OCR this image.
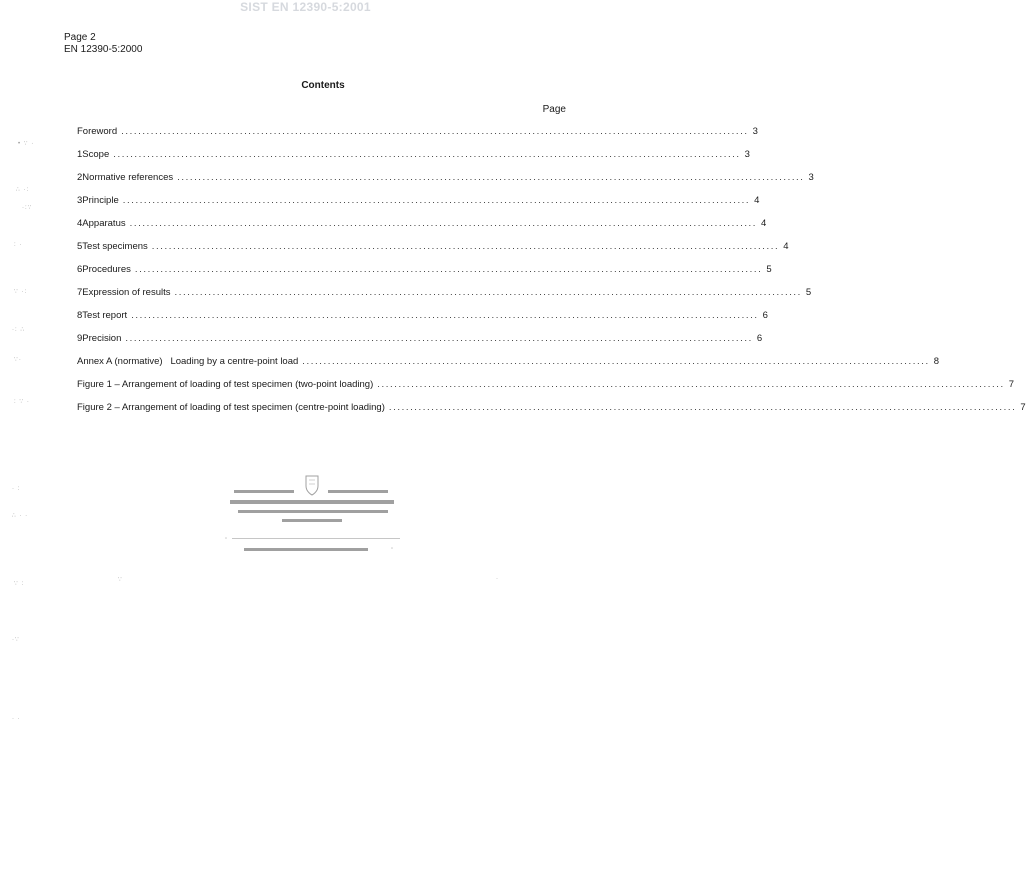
SIST EN 12390-5:2001
Page 2
EN 12390-5:2000
Contents
Page
Foreword .................................................................................................................................................... 3
1 Scope .................................................................................................................................................... 3
2 Normative references .................................................................................................................................................... 3
3 Principle .................................................................................................................................................... 4
4 Apparatus .................................................................................................................................................... 4
5 Test specimens .................................................................................................................................................... 4
6 Procedures .................................................................................................................................................... 5
7 Expression of results .................................................................................................................................................... 5
8 Test report .................................................................................................................................................... 6
9 Precision .................................................................................................................................................... 6
Annex A (normative)   Loading by a centre-point load .................................................................................................................................................... 8
Figure 1 – Arrangement of loading of test specimen (two-point loading) .................................................................................................................................................... 7
Figure 2 – Arrangement of loading of test specimen (centre-point loading) .................................................................................................................................................... 7
• ∵ ·
∴ ·:
·:∵
: ·
∵ ·:
·: ∴
∵·
: ∵ ·
· :
∴ · ·
∵ :
·∵
· ·
∵	·
